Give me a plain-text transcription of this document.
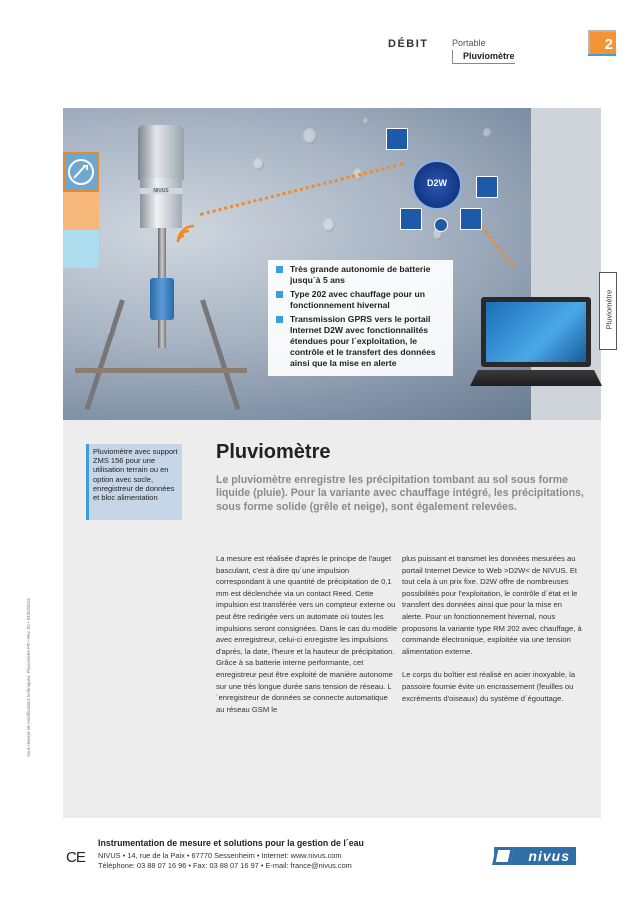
DÉBIT	Portable
Pluviomètre
2
NIVUS
D2W
Très grande autonomie de batterie jusqu`à 5 ans
Type 202 avec chauffage pour un fonctionnement hivernal
Transmission GPRS vers le portail Internet D2W avec fonctionnalités étendues pour l´exploitation, le contrôle et le transfert des données ainsi que la mise en alerte
Pluviomètre
Pluviomètre avec support ZMS 156 pour une utilisation terrain ou en option avec socle, enregistreur de données et bloc alimentation
Pluviomètre
Le pluviomètre enregistre les précipitation tombant au sol sous forme liquide (pluie). Pour la variante avec chauffage intégré, les précipitations, sous forme solide (grêle et neige), sont également relevées.

La mesure est réalisée d'après le principe de l'auget basculant, c'est à dire qu´une impulsion correspondant à une quantité de précipitation de 0,1 mm est déclenchée via un contact Reed. Cette impulsion est transférée vers un compteur externe ou peut être redirigée vers un automate où toutes les impulsions seront consignées. Dans le cas du modèle avec enregistreur, celui-ci enregistre les impulsions d'après, la date, l'heure et la hauteur de précipitation. Grâce à sa batterie interne performante, cet enregistreur peut être exploité de manière autonome sur une très longue durée sans tension de réseau. L´enregistreur de données se connecte automatique au réseau GSM le

plus puissant et transmet les données mesurées au portail Internet Device to Web >D2W< de NIVUS. Et tout cela à un prix fixe. D2W offre de nombreuses possibilités pour l'exploitation, le contrôle d´état et le transfert des données ainsi que pour la mise en alerte. Pour un fonctionnement hivernal, nous proposons la variante type RM 202 avec chauffage, à commande électronique, exploitée via une tension alimentation externe.

Le corps du boîtier est réalisé en acier inoxyable, la passoire fournie évite un encrassement (feuilles ou excréments d'oiseaux) du système d´égouttage.

Sous réserve de modifications techniques. Pluviomètre FR • Rev. 02 • 04/02/2013
CE
Instrumentation de mesure et solutions pour la gestion de l´eau
NIVUS • 14, rue de la Paix • 67770 Sessenheim • Internet: www.nivus.com
Téléphone: 03 88 07 16 96 • Fax: 03 88 07 16 97 • E-mail: france@nivus.com
nivus
